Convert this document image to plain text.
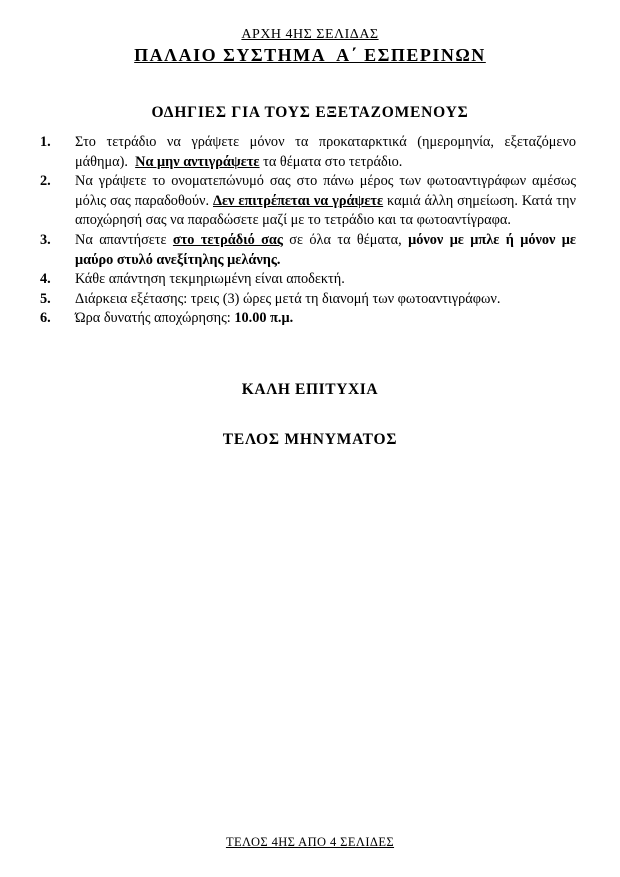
ΑΡΧΗ 4ΗΣ ΣΕΛΙΔΑΣ
ΠΑΛΑΙΟ ΣΥΣΤΗΜΑ  Α΄ ΕΣΠΕΡΙΝΩΝ
ΟΔΗΓΙΕΣ ΓΙΑ ΤΟΥΣ ΕΞΕΤΑΖΟΜΕΝΟΥΣ
1. Στο τετράδιο να γράψετε μόνον τα προκαταρκτικά (ημερομηνία, εξεταζόμενο μάθημα).  Να μην αντιγράψετε τα θέματα στο τετράδιο.
2. Να γράψετε το ονοματεπώνυμό σας στο πάνω μέρος των φωτοαντιγράφων αμέσως μόλις σας παραδοθούν. Δεν επιτρέπεται να γράψετε καμιά άλλη σημείωση. Κατά την αποχώρησή σας να παραδώσετε μαζί με το τετράδιο και τα φωτοαντίγραφα.
3. Να απαντήσετε στο τετράδιό σας σε όλα τα θέματα, μόνον με μπλε ή μόνον με μαύρο στυλό ανεξίτηλης μελάνης.
4. Κάθε απάντηση τεκμηριωμένη είναι αποδεκτή.
5. Διάρκεια εξέτασης: τρεις (3) ώρες μετά τη διανομή των φωτοαντιγράφων.
6. Ώρα δυνατής αποχώρησης: 10.00 π.μ.
ΚΑΛΗ ΕΠΙΤΥΧΙΑ
ΤΕΛΟΣ ΜΗΝΥΜΑΤΟΣ
ΤΕΛΟΣ 4ΗΣ ΑΠΟ 4 ΣΕΛΙΔΕΣ
